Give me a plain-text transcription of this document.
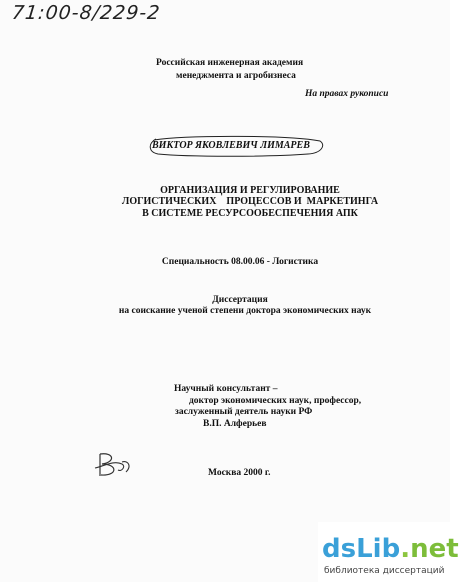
71:00-8/229-2
Российская инженерная академия
менеджмента и агробизнеса
На правах рукописи
ВИКТОР ЯКОВЛЕВИЧ ЛИМАРЕВ
ОРГАНИЗАЦИЯ И РЕГУЛИРОВАНИЕ
ЛОГИСТИЧЕСКИХ    ПРОЦЕССОВ И  МАРКЕТИНГА
В СИСТЕМЕ РЕСУРСООБЕСПЕЧЕНИЯ АПК
Специальность 08.00.06 - Логистика
Диссертация
на соискание ученой степени доктора экономических наук
Научный консультант –
доктор экономических наук, профессор,
заслуженный деятель науки РФ
В.П. Алферьев
Москва 2000 г.
dsLib.net
библиотека диссертаций
